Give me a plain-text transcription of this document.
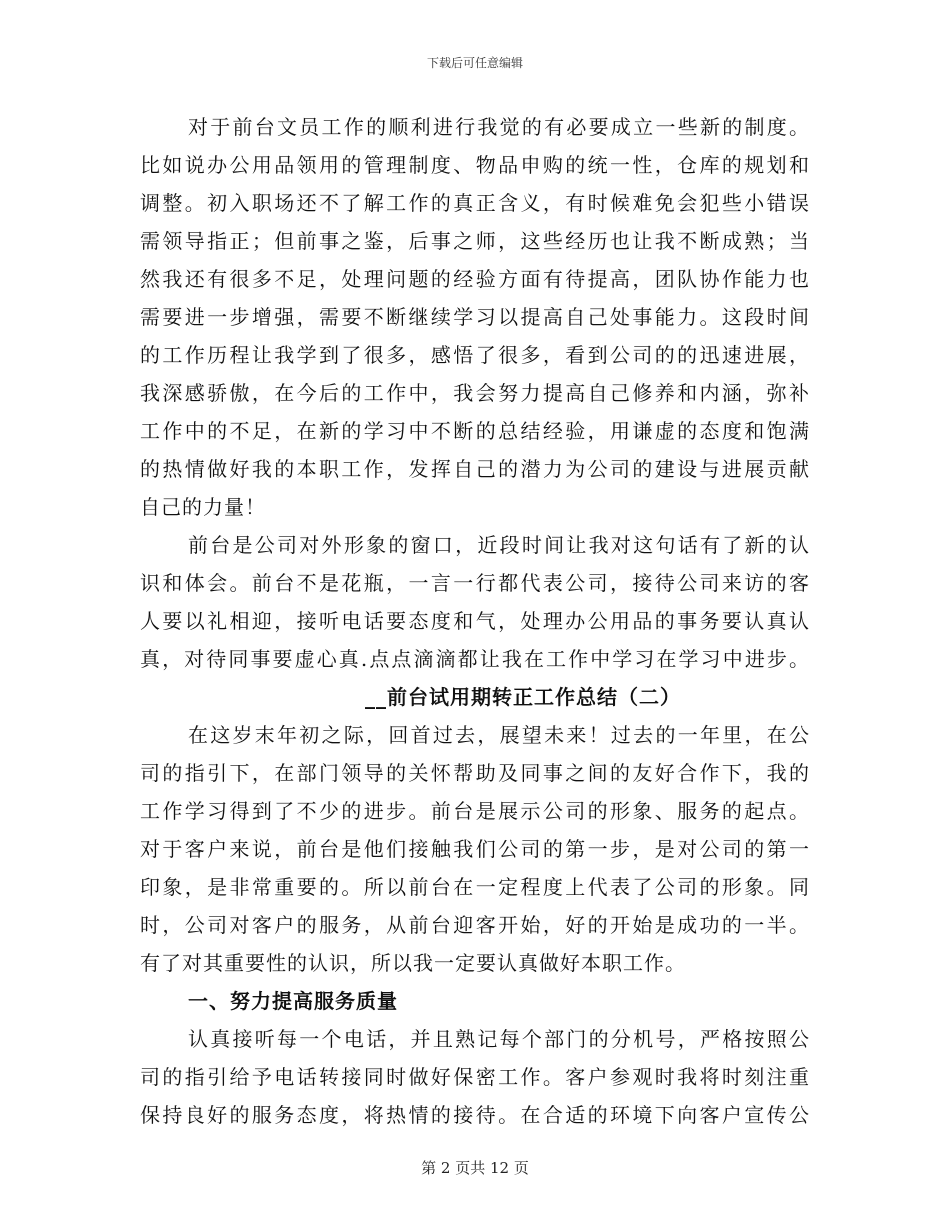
下载后可任意编辑
对于前台文员工作的顺利进行我觉的有必要成立一些新的制度。
比如说办公用品领用的管理制度、物品申购的统一性，仓库的规划和
调整。初入职场还不了解工作的真正含义，有时候难免会犯些小错误
需领导指正；但前事之鉴，后事之师，这些经历也让我不断成熟；当
然我还有很多不足，处理问题的经验方面有待提高，团队协作能力也
需要进一步增强，需要不断继续学习以提高自己处事能力。这段时间
的工作历程让我学到了很多，感悟了很多，看到公司的的迅速进展，
我深感骄傲，在今后的工作中，我会努力提高自己修养和内涵，弥补
工作中的不足，在新的学习中不断的总结经验，用谦虚的态度和饱满
的热情做好我的本职工作，发挥自己的潜力为公司的建设与进展贡献
自己的力量！
前台是公司对外形象的窗口，近段时间让我对这句话有了新的认
识和体会。前台不是花瓶，一言一行都代表公司，接待公司来访的客
人要以礼相迎，接听电话要态度和气，处理办公用品的事务要认真认
真，对待同事要虚心真.点点滴滴都让我在工作中学习在学习中进步。
__前台试用期转正工作总结（二）
在这岁末年初之际，回首过去，展望未来！过去的一年里，在公
司的指引下，在部门领导的关怀帮助及同事之间的友好合作下，我的
工作学习得到了不少的进步。前台是展示公司的形象、服务的起点。
对于客户来说，前台是他们接触我们公司的第一步，是对公司的第一
印象，是非常重要的。所以前台在一定程度上代表了公司的形象。同
时，公司对客户的服务，从前台迎客开始，好的开始是成功的一半。
有了对其重要性的认识，所以我一定要认真做好本职工作。
一、努力提高服务质量
认真接听每一个电话，并且熟记每个部门的分机号，严格按照公
司的指引给予电话转接同时做好保密工作。客户参观时我将时刻注重
保持良好的服务态度，将热情的接待。在合适的环境下向客户宣传公
第 2 页共 12 页
